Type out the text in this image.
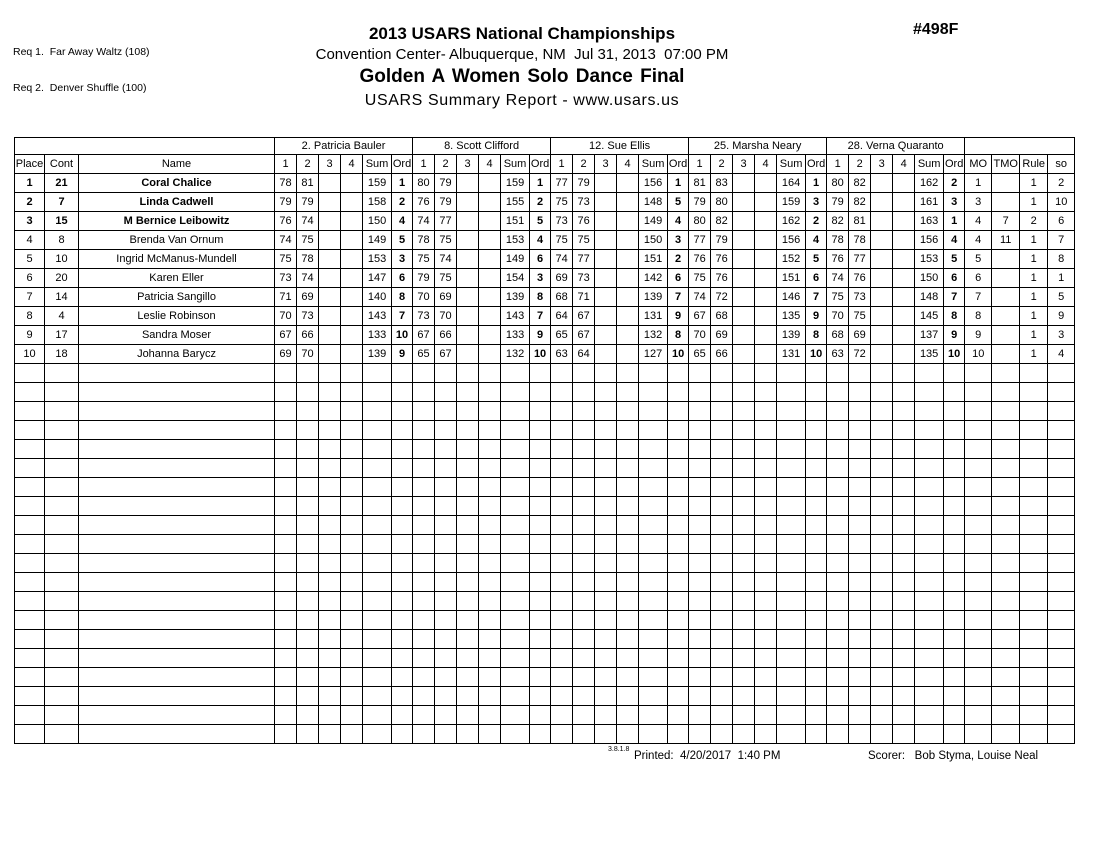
Req 1.  Far Away Waltz (108)

Req 2.  Denver Shuffle (100)

2013 USARS National Championships
Convention Center- Albuquerque, NM  Jul 31, 2013  07:00 PM
Golden A Women Solo Dance Final
USARS Summary Report - www.usars.us
#498F
			2. Patricia Bauler						8. Scott Clifford						12. Sue Ellis						25. Marsha Neary						28. Verna Quaranto									
Place	Cont	Name	1	2	3	4	Sum	Ord	1	2	3	4	Sum	Ord	1	2	3	4	Sum	Ord	1	2	3	4	Sum	Ord	1	2	3	4	Sum	Ord	MO	TMO	Rule	so
1	21	Coral Chalice	78	81			159	1	80	79			159	1	77	79			156	1	81	83			164	1	80	82			162	2	1		1	2
2	7	Linda Cadwell	79	79			158	2	76	79			155	2	75	73			148	5	79	80			159	3	79	82			161	3	3		1	10
3	15	M Bernice Leibowitz	76	74			150	4	74	77			151	5	73	76			149	4	80	82			162	2	82	81			163	1	4	7	2	6
4	8	Brenda Van Ornum	74	75			149	5	78	75			153	4	75	75			150	3	77	79			156	4	78	78			156	4	4	11	1	7
5	10	Ingrid McManus-Mundell	75	78			153	3	75	74			149	6	74	77			151	2	76	76			152	5	76	77			153	5	5		1	8
6	20	Karen Eller	73	74			147	6	79	75			154	3	69	73			142	6	75	76			151	6	74	76			150	6	6		1	1
7	14	Patricia Sangillo	71	69			140	8	70	69			139	8	68	71			139	7	74	72			146	7	75	73			148	7	7		1	5
8	4	Leslie Robinson	70	73			143	7	73	70			143	7	64	67			131	9	67	68			135	9	70	75			145	8	8		1	9
9	17	Sandra Moser	67	66			133	10	67	66			133	9	65	67			132	8	70	69			139	8	68	69			137	9	9		1	3
10	18	Johanna Barycz	69	70			139	9	65	67			132	10	63	64			127	10	65	66			131	10	63	72			135	10	10		1	4

3.8.1.8
Printed:  4/20/2017  1:40 PM	Scorer:   Bob Styma, Louise Neal
